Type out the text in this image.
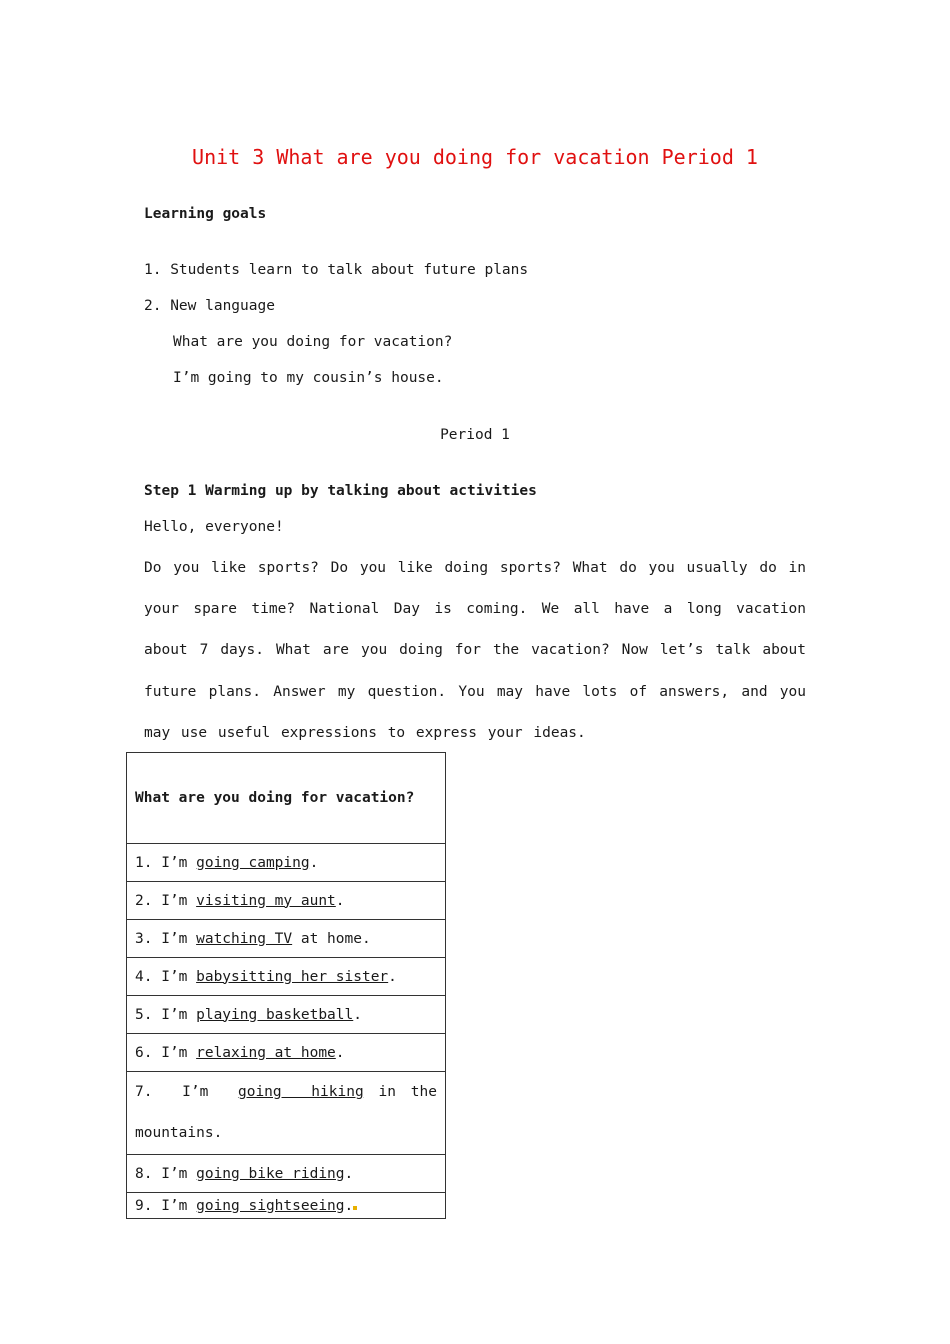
Unit 3 What are you doing for vacation Period 1
Learning goals
1. Students learn to talk about future plans
2. New language
What are you doing for vacation?
I’m going to my cousin’s house.
Period 1
Step 1 Warming up by talking about activities
Hello, everyone!
Do you like sports? Do you like doing sports? What do you usually do in your spare time? National Day is coming. We all have a long vacation about 7 days. What are you doing for the vacation? Now let’s talk about future plans. Answer my question. You may have lots of answers, and you may use useful expressions to express your ideas.
What are you doing for vacation?
1. I’m going camping.
2. I’m visiting my aunt.
3. I’m watching TV at home.
4. I’m babysitting her sister.
5. I’m playing basketball.
6. I’m relaxing at home.
7.  I’m  going  hiking in the mountains.
8. I’m going bike riding.
9. I’m going sightseeing.
